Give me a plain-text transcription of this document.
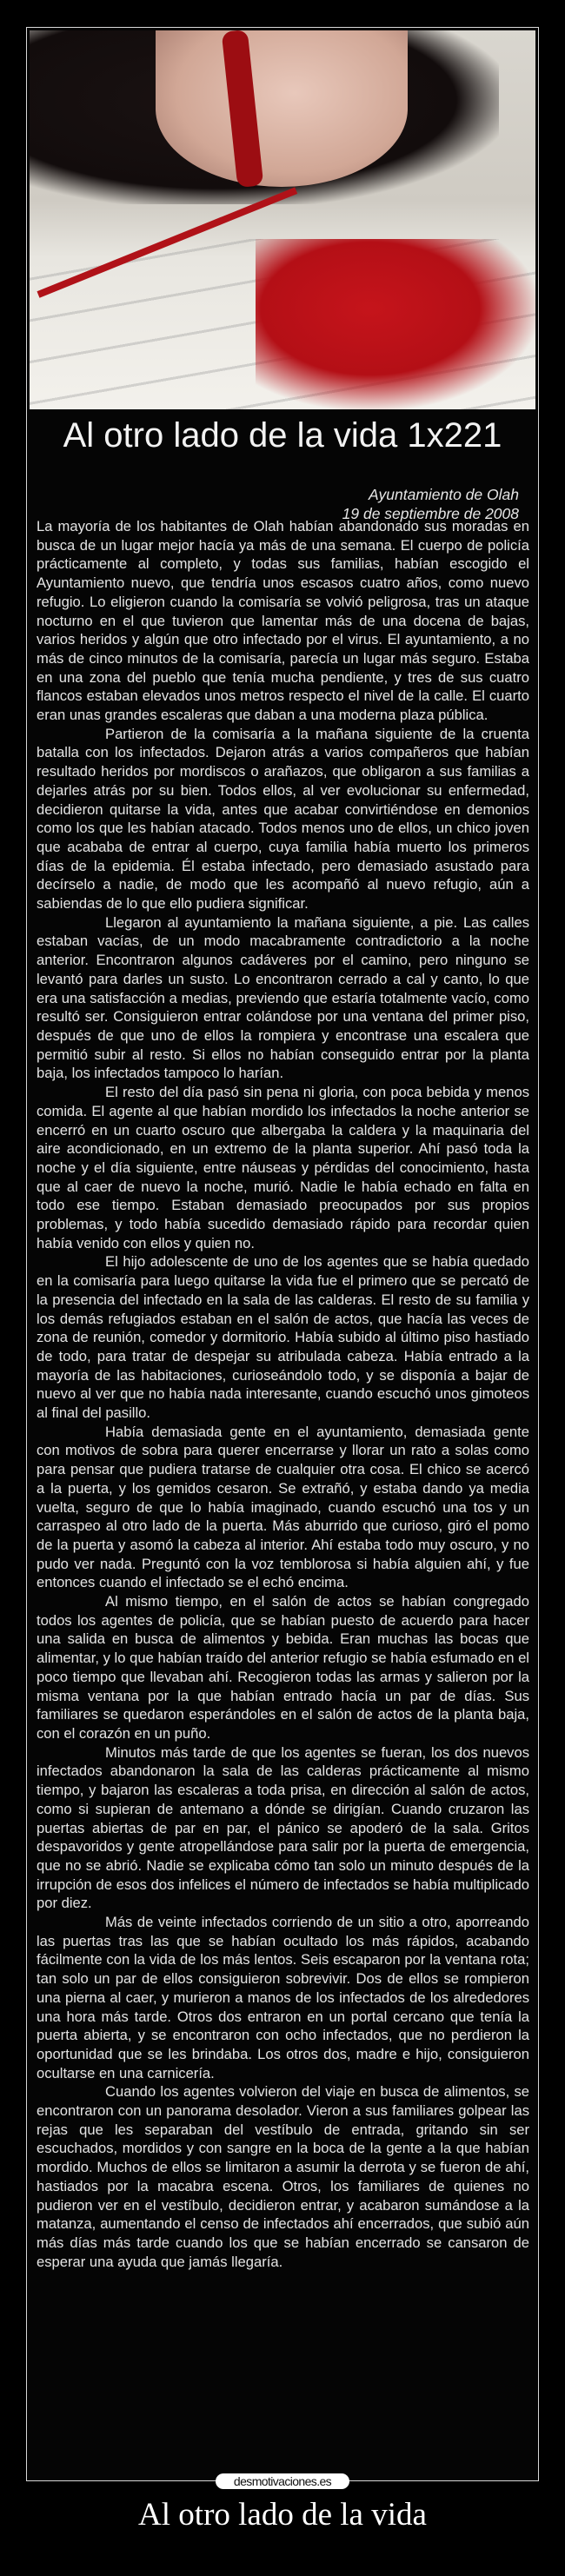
Al otro lado de la vida 1x221
Ayuntamiento de Olah
19 de septiembre de 2008

La mayoría de los habitantes de Olah habían abandonado sus moradas en busca de un lugar mejor hacía ya más de una semana. El cuerpo de policía prácticamente al completo, y todas sus familias, habían escogido el Ayuntamiento nuevo, que tendría unos escasos cuatro años, como nuevo refugio. Lo eligieron cuando la comisaría se volvió peligrosa, tras un ataque nocturno en el que tuvieron que lamentar más de una docena de bajas, varios heridos y algún que otro infectado por el virus. El ayuntamiento, a no más de cinco minutos de la comisaría, parecía un lugar más seguro. Estaba en una zona del pueblo que tenía mucha pendiente, y tres de sus cuatro flancos estaban elevados unos metros respecto el nivel de la calle. El cuarto eran unas grandes escaleras que daban a una moderna plaza pública.

Partieron de la comisaría a la mañana siguiente de la cruenta batalla con los infectados. Dejaron atrás a varios compañeros que habían resultado heridos por mordiscos o arañazos, que obligaron a sus familias a dejarles atrás por su bien. Todos ellos, al ver evolucionar su enfermedad, decidieron quitarse la vida, antes que acabar convirtiéndose en demonios como los que les habían atacado. Todos menos uno de ellos, un chico joven que acababa de entrar al cuerpo, cuya familia había muerto los primeros días de la epidemia. Él estaba infectado, pero demasiado asustado para decírselo a nadie, de modo que les acompañó al nuevo refugio, aún a sabiendas de lo que ello pudiera significar.

Llegaron al ayuntamiento la mañana siguiente, a pie. Las calles estaban vacías, de un modo macabramente contradictorio a la noche anterior. Encontraron algunos cadáveres por el camino, pero ninguno se levantó para darles un susto. Lo encontraron cerrado a cal y canto, lo que era una satisfacción a medias, previendo que estaría totalmente vacío, como resultó ser. Consiguieron entrar colándose por una ventana del primer piso, después de que uno de ellos la rompiera y encontrase una escalera que permitió subir al resto. Si ellos no habían conseguido entrar por la planta baja, los infectados tampoco lo harían.

El resto del día pasó sin pena ni gloria, con poca bebida y menos comida. El agente al que habían mordido los infectados la noche anterior se encerró en un cuarto oscuro que albergaba la caldera y la maquinaria del aire acondicionado, en un extremo de la planta superior. Ahí pasó toda la noche y el día siguiente, entre náuseas y pérdidas del conocimiento, hasta que al caer de nuevo la noche, murió. Nadie le había echado en falta en todo ese tiempo. Estaban demasiado preocupados por sus propios problemas, y todo había sucedido demasiado rápido para recordar quien había venido con ellos y quien no.

El hijo adolescente de uno de los agentes que se había quedado en la comisaría para luego quitarse la vida fue el primero que se percató de la presencia del infectado en la sala de las calderas. El resto de su familia y los demás refugiados estaban en el salón de actos, que hacía las veces de zona de reunión, comedor y dormitorio. Había subido al último piso hastiado de todo, para tratar de despejar su atribulada cabeza. Había entrado a la mayoría de las habitaciones, curioseándolo todo, y se disponía a bajar de nuevo al ver que no había nada interesante, cuando escuchó unos gimoteos al final del pasillo.

Había demasiada gente en el ayuntamiento, demasiada gente con motivos de sobra para querer encerrarse y llorar un rato a solas como para pensar que pudiera tratarse de cualquier otra cosa. El chico se acercó a la puerta, y los gemidos cesaron. Se extrañó, y estaba dando ya media vuelta, seguro de que lo había imaginado, cuando escuchó una tos y un carraspeo al otro lado de la puerta. Más aburrido que curioso, giró el pomo de la puerta y asomó la cabeza al interior. Ahí estaba todo muy oscuro, y no pudo ver nada. Preguntó con la voz temblorosa si había alguien ahí, y fue entonces cuando el infectado se el echó encima.

Al mismo tiempo, en el salón de actos se habían congregado todos los agentes de policía, que se habían puesto de acuerdo para hacer una salida en busca de alimentos y bebida. Eran muchas las bocas que alimentar, y lo que habían traído del anterior refugio se había esfumado en el poco tiempo que llevaban ahí. Recogieron todas las armas y salieron por la misma ventana por la que habían entrado hacía un par de días. Sus familiares se quedaron esperándoles en el salón de actos de la planta baja, con el corazón en un puño.

Minutos más tarde de que los agentes se fueran, los dos nuevos infectados abandonaron la sala de las calderas prácticamente al mismo tiempo, y bajaron las escaleras a toda prisa, en dirección al salón de actos, como si supieran de antemano a dónde se dirigían. Cuando cruzaron las puertas abiertas de par en par, el pánico se apoderó de la sala. Gritos despavoridos y gente atropellándose para salir por la puerta de emergencia, que no se abrió. Nadie se explicaba cómo tan solo un minuto después de la irrupción de esos dos infelices el número de infectados se había multiplicado por diez.

Más de veinte infectados corriendo de un sitio a otro, aporreando las puertas tras las que se habían ocultado los más rápidos, acabando fácilmente con la vida de los más lentos. Seis escaparon por la ventana rota; tan solo un par de ellos consiguieron sobrevivir. Dos de ellos se rompieron una pierna al caer, y murieron a manos de los infectados de los alrededores una hora más tarde. Otros dos entraron en un portal cercano que tenía la puerta abierta, y se encontraron con ocho infectados, que no perdieron la oportunidad que se les brindaba. Los otros dos, madre e hijo, consiguieron ocultarse en una carnicería.

Cuando los agentes volvieron del viaje en busca de alimentos, se encontraron con un panorama desolador. Vieron a sus familiares golpear las rejas que les separaban del vestíbulo de entrada, gritando sin ser escuchados, mordidos y con sangre en la boca de la gente a la que habían mordido. Muchos de ellos se limitaron a asumir la derrota y se fueron de ahí, hastiados por la macabra escena. Otros, los familiares de quienes no pudieron ver en el vestíbulo, decidieron entrar, y acabaron sumándose a la matanza, aumentando el censo de infectados ahí encerrados, que subió aún más días más tarde cuando los que se habían encerrado se cansaron de esperar una ayuda que jamás llegaría.

desmotivaciones.es
Al otro lado de la vida
